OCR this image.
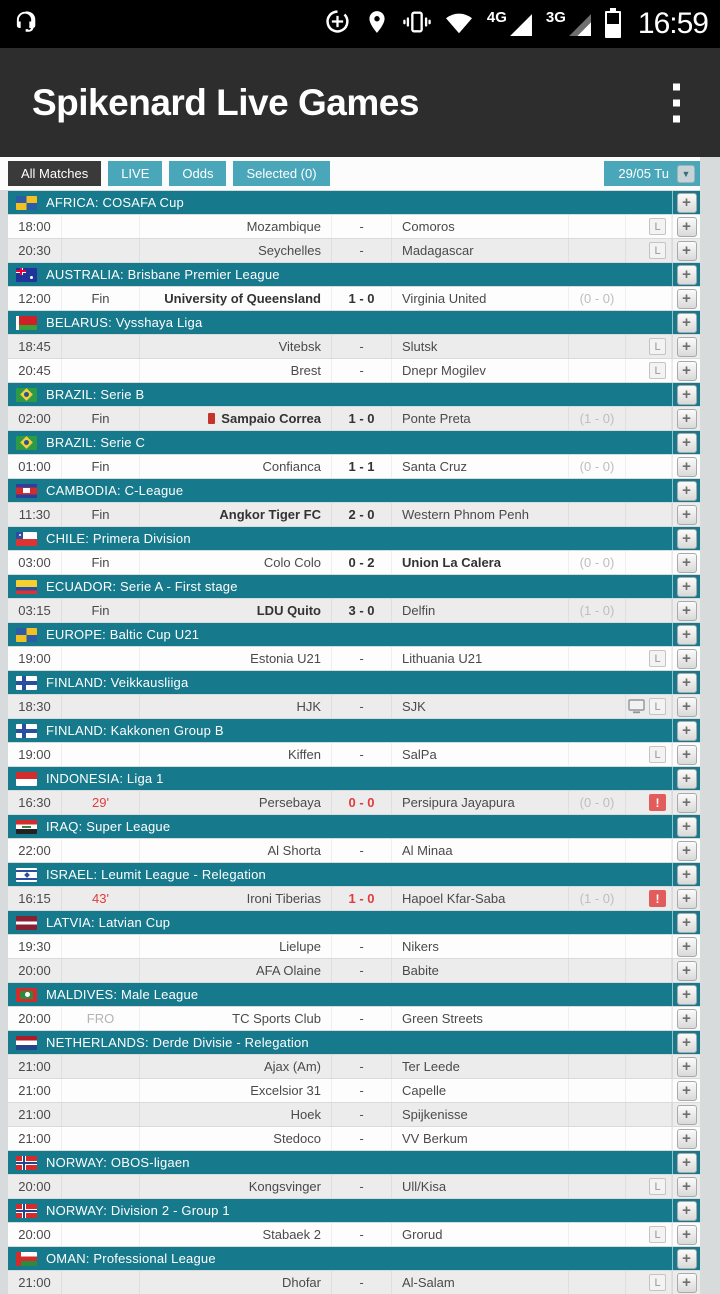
4G	3G 16:59
Spikenard Live Games
All Matches	LIVE	Odds	Selected (0)	29/05 Tu	▼
AFRICA: COSAFA Cup	+
18:00	Mozambique	-	Comoros	L	+
20:30	Seychelles	-	Madagascar	L	+
AUSTRALIA: Brisbane Premier League	+
12:00	Fin	University of Queensland	1 - 0	Virginia United	(0 - 0)	+
BELARUS: Vysshaya Liga	+
18:45	Vitebsk	-	Slutsk	L	+
20:45	Brest	-	Dnepr Mogilev	L	+
BRAZIL: Serie B	+
02:00	Fin	Sampaio Correa	1 - 0	Ponte Preta	(1 - 0)	+
BRAZIL: Serie C	+
01:00	Fin	Confianca	1 - 1	Santa Cruz	(0 - 0)	+
CAMBODIA: C-League	+
11:30	Fin	Angkor Tiger FC	2 - 0	Western Phnom Penh	+
CHILE: Primera Division	+
03:00	Fin	Colo Colo	0 - 2	Union La Calera	(0 - 0)	+
ECUADOR: Serie A - First stage	+
03:15	Fin	LDU Quito	3 - 0	Delfin	(1 - 0)	+
EUROPE: Baltic Cup U21	+
19:00	Estonia U21	-	Lithuania U21	L	+
FINLAND: Veikkausliiga	+
18:30	HJK	-	SJK	L	+
FINLAND: Kakkonen Group B	+
19:00	Kiffen	-	SalPa	L	+
INDONESIA: Liga 1	+
16:30	29'	Persebaya	0 - 0	Persipura Jayapura	(0 - 0)	!	+
IRAQ: Super League	+
22:00	Al Shorta	-	Al Minaa	+
ISRAEL: Leumit League - Relegation	+
16:15	43'	Ironi Tiberias	1 - 0	Hapoel Kfar-Saba	(1 - 0)	!	+
LATVIA: Latvian Cup	+
19:30	Lielupe	-	Nikers	+
20:00	AFA Olaine	-	Babite	+
MALDIVES: Male League	+
20:00	FRO	TC Sports Club	-	Green Streets	+
NETHERLANDS: Derde Divisie - Relegation	+
21:00	Ajax (Am)	-	Ter Leede	+
21:00	Excelsior 31	-	Capelle	+
21:00	Hoek	-	Spijkenisse	+
21:00	Stedoco	-	VV Berkum	+
NORWAY: OBOS-ligaen	+
20:00	Kongsvinger	-	Ull/Kisa	L	+
NORWAY: Division 2 - Group 1	+
20:00	Stabaek 2	-	Grorud	L	+
OMAN: Professional League	+
21:00	Dhofar	-	Al-Salam	L	+
